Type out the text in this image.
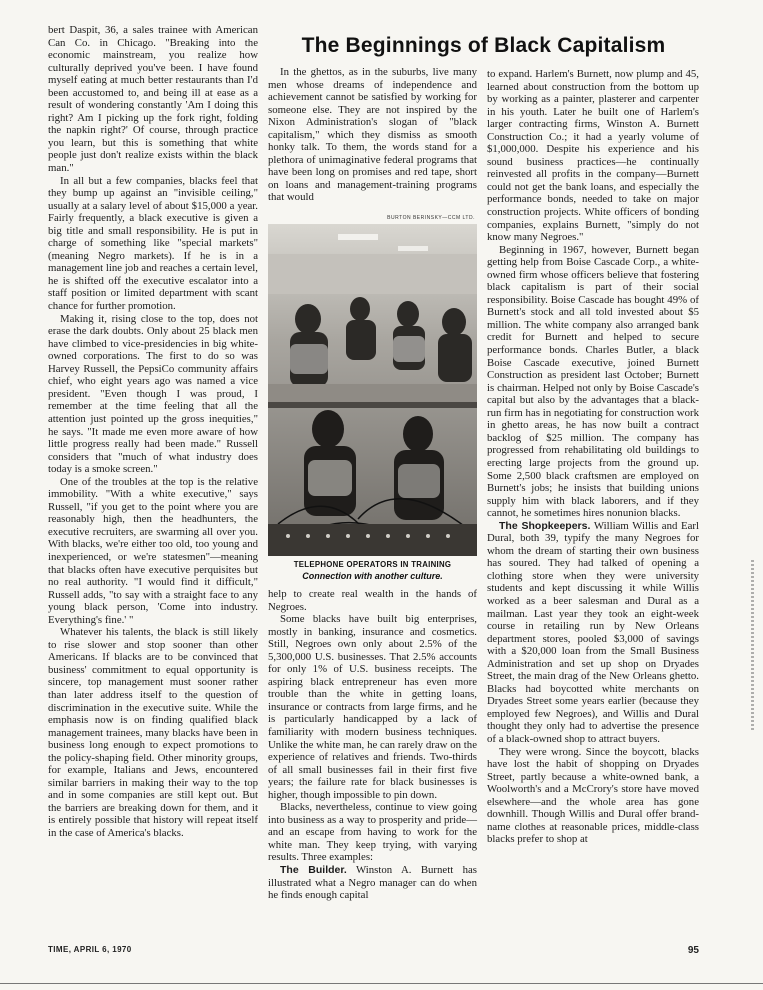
bert Daspit, 36, a sales trainee with American Can Co. in Chicago. "Breaking into the economic mainstream, you realize how culturally deprived you've been. I have found myself eating at much better restaurants than I'd been accustomed to, and being ill at ease as a result of wondering constantly 'Am I doing this right? Am I picking up the fork right, folding the napkin right?' Of course, through practice you learn, but this is something that white people just don't realize exists within the black man."

In all but a few companies, blacks feel that they bump up against an "invisible ceiling," usually at a salary level of about $15,000 a year. Fairly frequently, a black executive is given a big title and small responsibility. He is put in charge of something like "special markets" (meaning Negro markets). If he is in a management line job and reaches a certain level, he is shifted off the executive escalator into a staff position or limited department with scant chance for further promotion.

Making it, rising close to the top, does not erase the dark doubts. Only about 25 black men have climbed to vice-presidencies in big white-owned corporations. The first to do so was Harvey Russell, the PepsiCo community affairs chief, who eight years ago was named a vice president. "Even though I was proud, I remember at the time feeling that all the attention just pointed up the gross inequities," he says. "It made me even more aware of how little progress really had been made." Russell considers that "much of what industry does today is a smoke screen."

One of the troubles at the top is the relative immobility. "With a white executive," says Russell, "if you get to the point where you are reasonably high, then the headhunters, the executive recruiters, are swarming all over you. With blacks, we're either too old, too young and inexperienced, or we're statesmen"—meaning that blacks often have executive perquisites but no real authority. "I would find it difficult," Russell adds, "to say with a straight face to any young black person, 'Come into industry. Everything's fine.' "

Whatever his talents, the black is still likely to rise slower and stop sooner than other Americans. If blacks are to be convinced that business' commitment to equal opportunity is sincere, top management must sooner rather than later address itself to the question of discrimination in the executive suite. While the emphasis now is on finding qualified black management trainees, many blacks have been in business long enough to expect promotions to the policy-shaping field. Other minority groups, for example, Italians and Jews, encountered similar barriers in making their way to the top and in some companies are still kept out. But the barriers are breaking down for them, and it is entirely possible that history will repeat itself in the case of America's blacks.

The Beginnings of Black Capitalism

In the ghettos, as in the suburbs, live many men whose dreams of independence and achievement cannot be satisfied by working for someone else. They are not inspired by the Nixon Administration's slogan of "black capitalism," which they dismiss as smooth honky talk. To them, the words stand for a plethora of unimaginative federal programs that have been long on promises and red tape, short on loans and management-training programs that would

BURTON BERINSKY—CCM LTD.
TELEPHONE OPERATORS IN TRAINING
Connection with another culture.

help to create real wealth in the hands of Negroes.

Some blacks have built big enterprises, mostly in banking, insurance and cosmetics. Still, Negroes own only about 2.5% of the 5,300,000 U.S. businesses. That 2.5% accounts for only 1% of U.S. business receipts. The aspiring black entrepreneur has even more trouble than the white in getting loans, insurance or contracts from large firms, and he is particularly handicapped by a lack of familiarity with modern business techniques. Unlike the white man, he can rarely draw on the experience of relatives and friends. Two-thirds of all small businesses fail in their first five years; the failure rate for black businesses is higher, though impossible to pin down.

Blacks, nevertheless, continue to view going into business as a way to prosperity and pride—and an escape from having to work for the white man. They keep trying, with varying results. Three examples:

The Builder. Winston A. Burnett has illustrated what a Negro manager can do when he finds enough capital

to expand. Harlem's Burnett, now plump and 45, learned about construction from the bottom up by working as a painter, plasterer and carpenter in his youth. Later he built one of Harlem's larger contracting firms, Winston A. Burnett Construction Co.; it had a yearly volume of $1,000,000. Despite his experience and his sound business practices—he continually reinvested all profits in the company—Burnett could not get the bank loans, and especially the performance bonds, needed to take on major construction projects. White officers of bonding companies, explains Burnett, "simply do not know many Negroes."

Beginning in 1967, however, Burnett began getting help from Boise Cascade Corp., a white-owned firm whose officers believe that fostering black capitalism is part of their social responsibility. Boise Cascade has bought 49% of Burnett's stock and all told invested about $5 million. The white company also arranged bank credit for Burnett and helped to secure performance bonds. Charles Butler, a black Boise Cascade executive, joined Burnett Construction as president last October; Burnett is chairman. Helped not only by Boise Cascade's capital but also by the advantages that a black-run firm has in negotiating for construction work in ghetto areas, he has now built a contract backlog of $25 million. The company has progressed from rehabilitating old buildings to erecting large projects from the ground up. Some 2,500 black craftsmen are employed on Burnett's jobs; he insists that building unions supply him with black laborers, and if they cannot, he sometimes hires nonunion blacks.

The Shopkeepers. William Willis and Earl Dural, both 39, typify the many Negroes for whom the dream of starting their own business has soured. They had talked of opening a clothing store when they were university students and kept discussing it while Willis worked as a beer salesman and Dural as a mailman. Last year they took an eight-week course in retailing run by New Orleans department stores, pooled $3,000 of savings with a $20,000 loan from the Small Business Administration and set up shop on Dryades Street, the main drag of the New Orleans ghetto. Blacks had boycotted white merchants on Dryades Street some years earlier (because they employed few Negroes), and Willis and Dural thought they only had to advertise the presence of a black-owned shop to attract buyers.

They were wrong. Since the boycott, blacks have lost the habit of shopping on Dryades Street, partly because a white-owned bank, a Woolworth's and a McCrory's store have moved elsewhere—and the whole area has gone downhill. Though Willis and Dural offer brand-name clothes at reasonable prices, middle-class blacks prefer to shop at

TIME, APRIL 6, 1970	95
